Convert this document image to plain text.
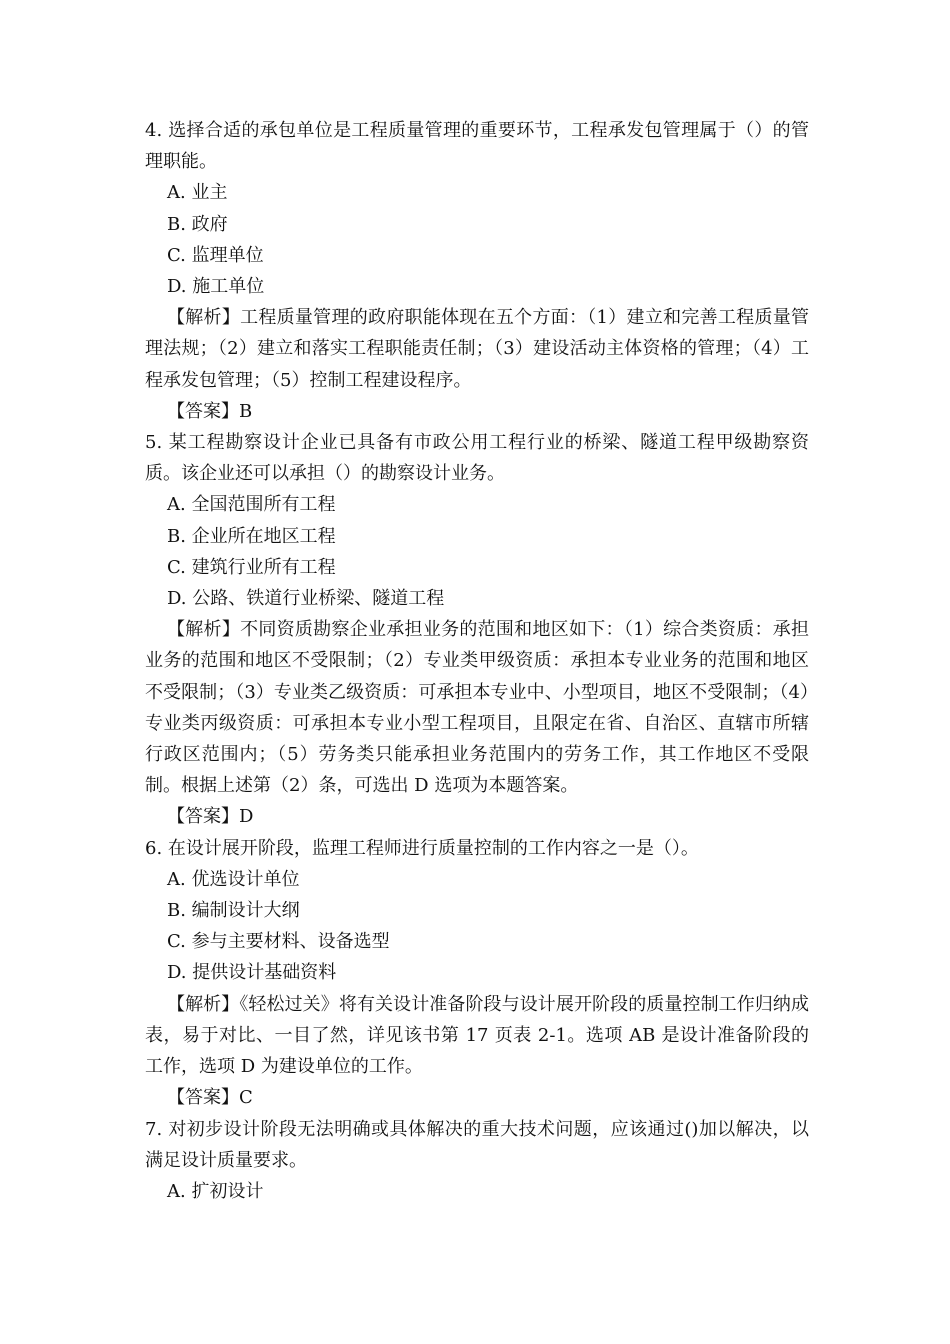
4. 选择合适的承包单位是工程质量管理的重要环节，工程承发包管理属于（）的管理职能。

A. 业主

B. 政府

C. 监理单位

D. 施工单位

【解析】工程质量管理的政府职能体现在五个方面：（1）建立和完善工程质量管理法规；（2）建立和落实工程职能责任制；（3）建设活动主体资格的管理；（4）工程承发包管理；（5）控制工程建设程序。

【答案】B

5. 某工程勘察设计企业已具备有市政公用工程行业的桥梁、隧道工程甲级勘察资质。该企业还可以承担（）的勘察设计业务。

A. 全国范围所有工程

B. 企业所在地区工程

C. 建筑行业所有工程

D. 公路、铁道行业桥梁、隧道工程

【解析】不同资质勘察企业承担业务的范围和地区如下：（1）综合类资质：承担业务的范围和地区不受限制；（2）专业类甲级资质：承担本专业业务的范围和地区不受限制；（3）专业类乙级资质：可承担本专业中、小型项目，地区不受限制；（4）专业类丙级资质：可承担本专业小型工程项目，且限定在省、自治区、直辖市所辖行政区范围内；（5）劳务类只能承担业务范围内的劳务工作，其工作地区不受限制。根据上述第（2）条，可选出 D 选项为本题答案。

【答案】D

6. 在设计展开阶段，监理工程师进行质量控制的工作内容之一是（）。

A. 优选设计单位

B. 编制设计大纲

C. 参与主要材料、设备选型

D. 提供设计基础资料

【解析】《轻松过关》将有关设计准备阶段与设计展开阶段的质量控制工作归纳成表，易于对比、一目了然，详见该书第 17 页表 2-1。选项 AB 是设计准备阶段的工作，选项 D 为建设单位的工作。

【答案】C

7. 对初步设计阶段无法明确或具体解决的重大技术问题，应该通过()加以解决，以满足设计质量要求。

A. 扩初设计
